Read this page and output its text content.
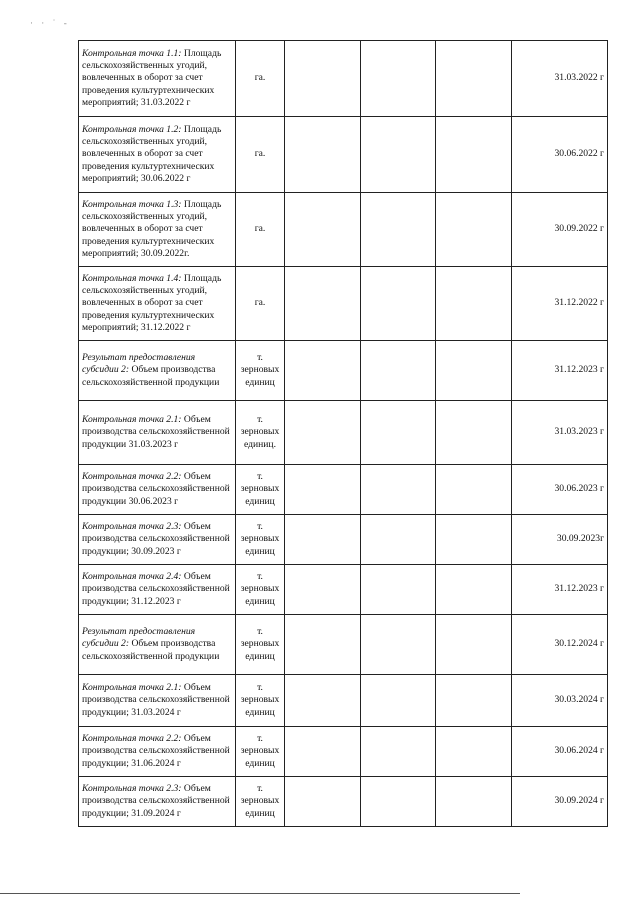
· · ˙ ‐
Контрольная точка 1.1: Площадь сельскохозяйственных угодий, вовлеченных в оборот за счет проведения культуртехнических мероприятий; 31.03.2022 г	га.				31.03.2022 г
Контрольная точка 1.2: Площадь сельскохозяйственных угодий, вовлеченных в оборот за счет проведения культуртехнических мероприятий; 30.06.2022 г	га.				30.06.2022 г
Контрольная точка 1.3: Площадь сельскохозяйственных угодий, вовлеченных в оборот за счет проведения культуртехнических мероприятий; 30.09.2022г.	га.				30.09.2022 г
Контрольная точка 1.4: Площадь сельскохозяйственных угодий, вовлеченных в оборот за счет проведения культуртехнических мероприятий; 31.12.2022 г	га.				31.12.2022 г
Результат предоставления субсидии 2: Объем производства сельскохозяйственной продукции	т. зерновых единиц				31.12.2023 г
Контрольная точка 2.1: Объем производства сельскохозяйственной продукции 31.03.2023 г	т. зерновых единиц.				31.03.2023 г
Контрольная точка 2.2: Объем производства сельскохозяйственной продукции 30.06.2023 г	т. зерновых единиц				30.06.2023 г
Контрольная точка 2.3: Объем производства сельскохозяйственной продукции; 30.09.2023 г	т. зерновых единиц				30.09.2023г
Контрольная точка 2.4: Объем производства сельскохозяйственной продукции; 31.12.2023 г	т. зерновых единиц				31.12.2023 г
Результат предоставления субсидии 2: Объем производства сельскохозяйственной продукции	т. зерновых единиц				30.12.2024 г
Контрольная точка 2.1: Объем производства сельскохозяйственной продукции; 31.03.2024 г	т. зерновых единиц				30.03.2024 г
Контрольная точка 2.2: Объем производства сельскохозяйственной продукции; 31.06.2024 г	т. зерновых единиц				30.06.2024 г
Контрольная точка 2.3: Объем производства сельскохозяйственной продукции; 31.09.2024 г	т. зерновых единиц				30.09.2024 г
